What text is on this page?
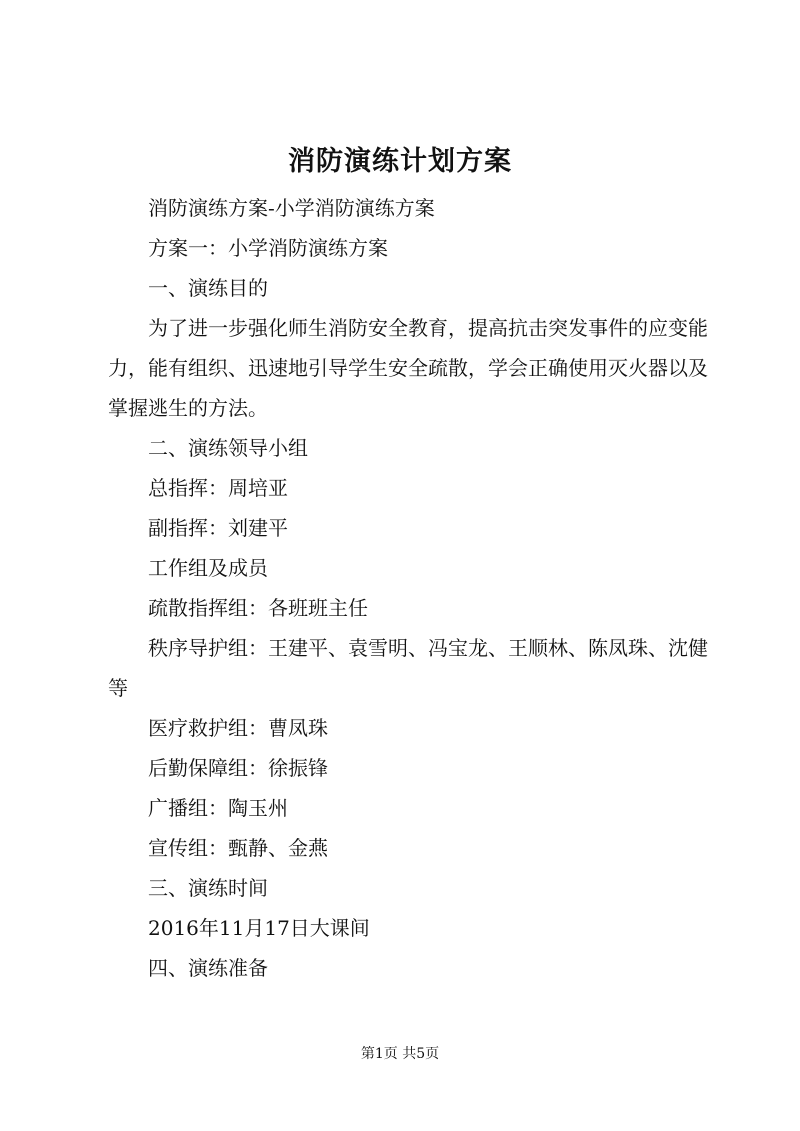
消防演练计划方案

消防演练方案-小学消防演练方案

方案一：小学消防演练方案

一、演练目的

为了进一步强化师生消防安全教育，提高抗击突发事件的应变能力，能有组织、迅速地引导学生安全疏散，学会正确使用灭火器以及掌握逃生的方法。

二、演练领导小组

总指挥：周培亚

副指挥：刘建平

工作组及成员

疏散指挥组：各班班主任

秩序导护组：王建平、袁雪明、冯宝龙、王顺林、陈凤珠、沈健等

医疗救护组：曹凤珠

后勤保障组：徐振锋

广播组：陶玉州

宣传组：甄静、金燕

三、演练时间

2016年11月17日大课间

四、演练准备

第1页 共5页
